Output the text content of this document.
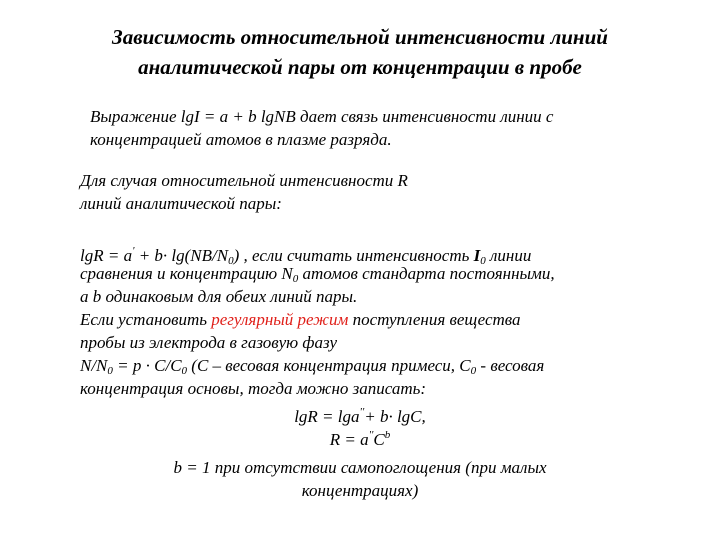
Зависимость относительной интенсивности линий
аналитической пары от концентрации в пробе
Выражение lgI = a + b lgNB дает связь интенсивности линии с
концентрацией атомов в плазме разряда.
Для случая относительной интенсивности R
линий аналитической пары:
$\lg R = a' + b\cdot \lg(NB/N_0)$ , если считать интенсивность $I_0$ линии
сравнения и концентрацию $N_0$ атомов стандарта постоянными,
а b одинаковым для обеих линий пары.
Если установить регулярный режим поступления вещества
пробы из электрода в газовую фазу
$N/N_0 = p \cdot C/C_0$ (C – весовая концентрация примеси, $C_0$ - весовая
концентрация основы, тогда можно записать:
lgR = lga''+ b· lgC,
$R = a''C^b$
b = 1 при отсутствии самопоглощения (при малых
концентрациях)
